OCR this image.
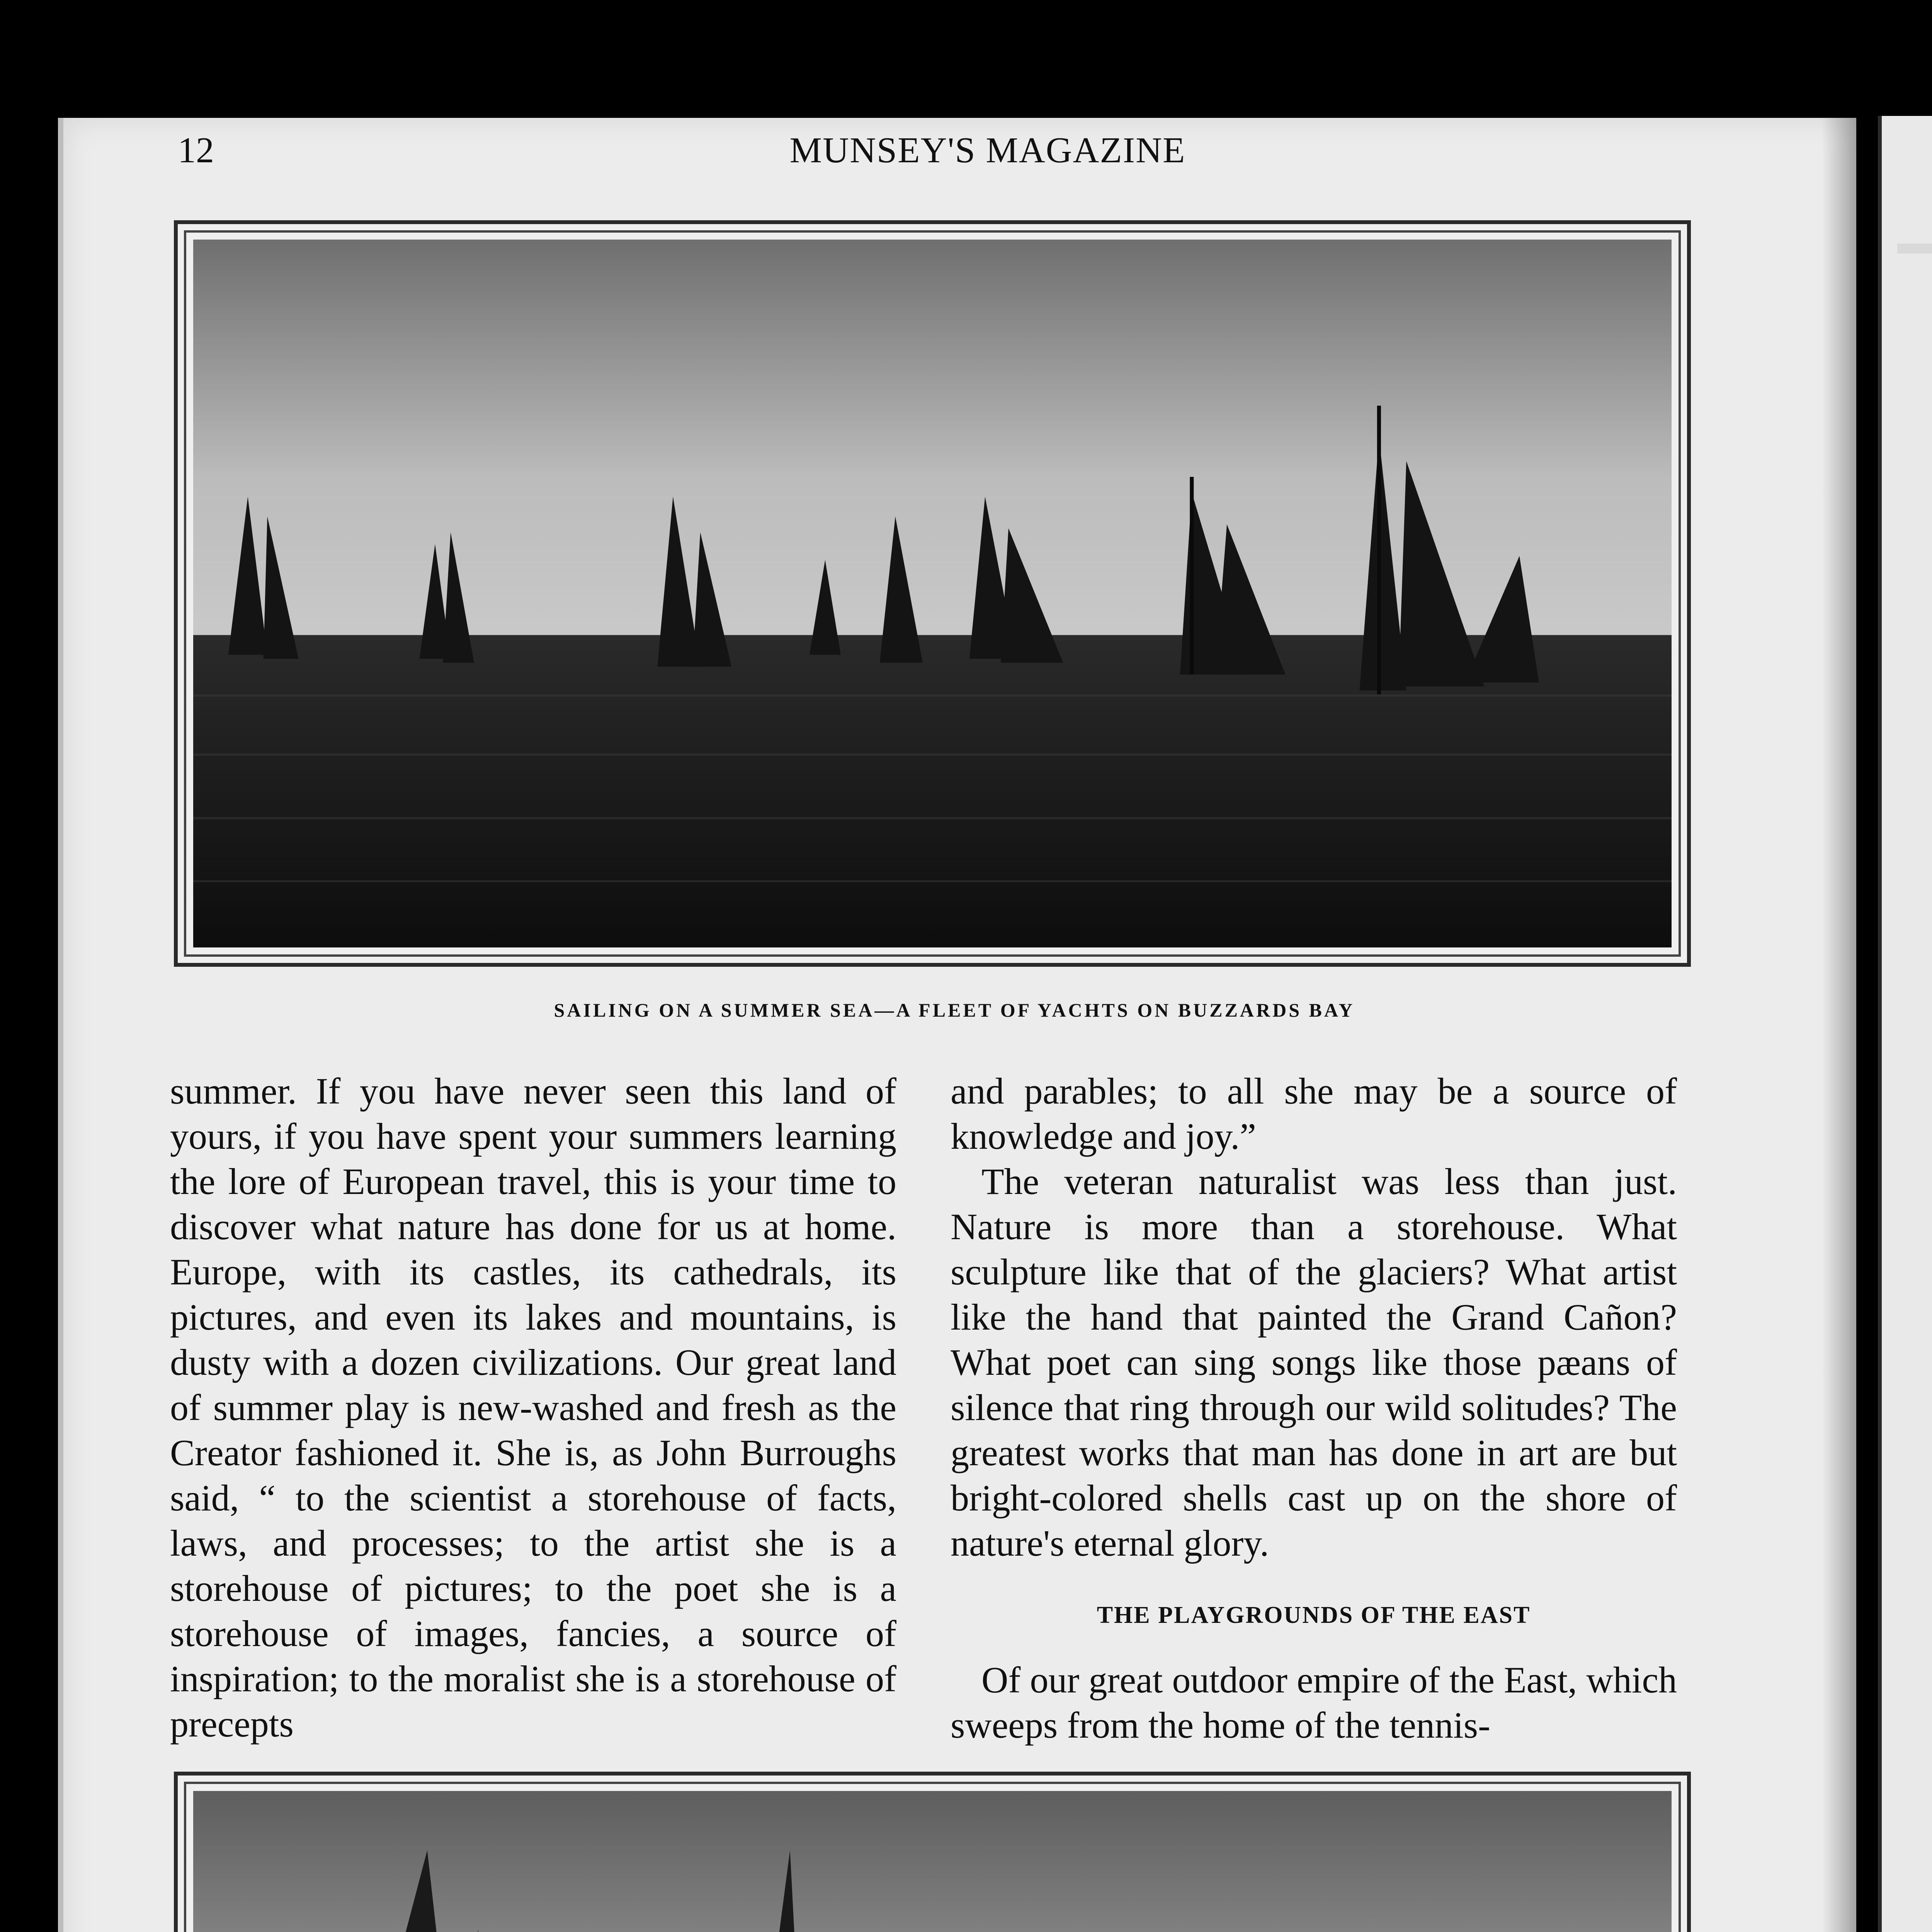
MUNSEY'S MAGAZINE
12
SAILING ON A SUMMER SEA—A FLEET OF YACHTS ON BUZZARDS BAY

summer. If you have never seen this land of yours, if you have spent your summers learning the lore of European travel, this is your time to discover what nature has done for us at home. Europe, with its castles, its cathedrals, its pictures, and even its lakes and mountains, is dusty with a dozen civilizations. Our great land of summer play is new-washed and fresh as the Creator fashioned it. She is, as John Burroughs said, “ to the scientist a storehouse of facts, laws, and processes; to the artist she is a storehouse of pictures; to the poet she is a storehouse of images, fancies, a source of inspiration; to the moralist she is a storehouse of precepts

and parables; to all she may be a source of knowledge and joy.”

The veteran naturalist was less than just. Nature is more than a storehouse. What sculpture like that of the glaciers? What artist like the hand that painted the Grand Cañon? What poet can sing songs like those pæans of silence that ring through our wild solitudes? The greatest works that man has done in art are but bright-colored shells cast up on the shore of nature's eternal glory.

THE PLAYGROUNDS OF THE EAST

Of our great outdoor empire of the East, which sweeps from the home of the tennis-
